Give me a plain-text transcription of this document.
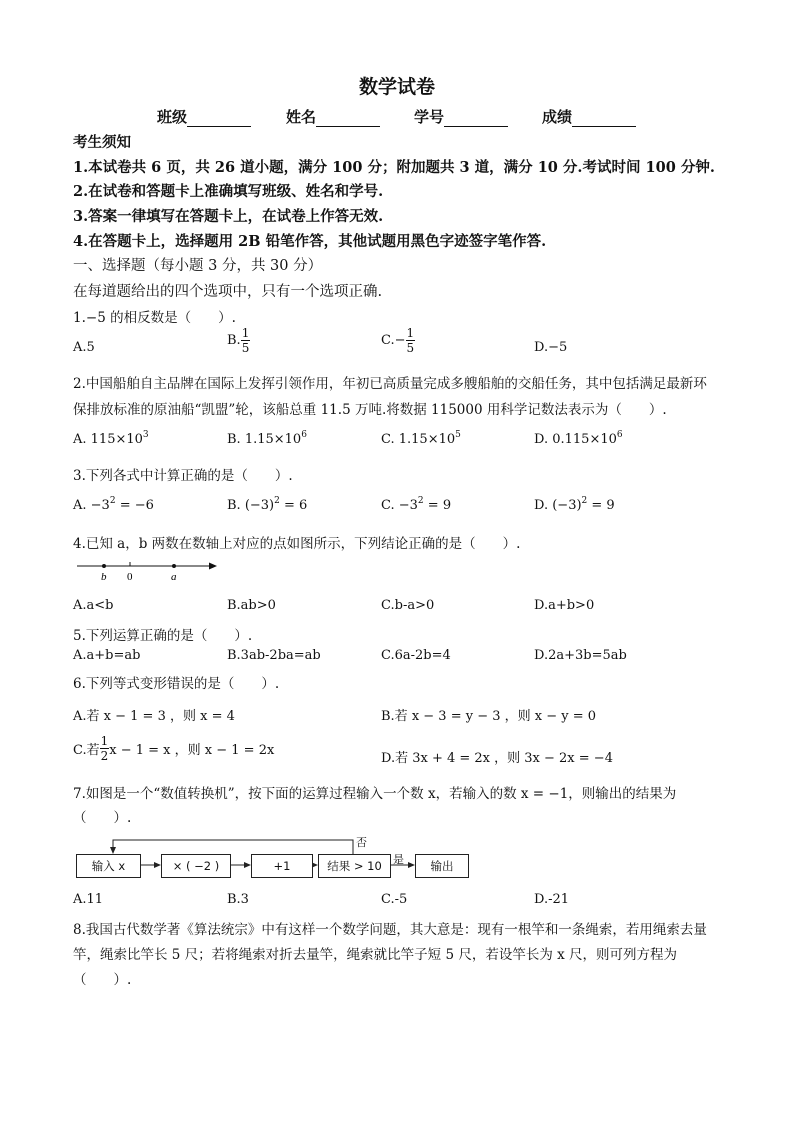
数学试卷
班级	姓名	学号	成绩
考生须知
1.本试卷共 6 页，共 26 道小题，满分 100 分；附加题共 3 道，满分 10 分.考试时间 100 分钟.
2.在试卷和答题卡上准确填写班级、姓名和学号.
3.答案一律填写在答题卡上，在试卷上作答无效.
4.在答题卡上，选择题用 2B 铅笔作答，其他试题用黑色字迹签字笔作答.
一、选择题（每小题 3 分，共 30 分）
在每道题给出的四个选项中，只有一个选项正确.
1.−5 的相反数是（　　）.
A.5	B. $\frac{1}{5}$	$C.- \frac{1}{5}$	D.−5
2.中国船舶自主品牌在国际上发挥引领作用，年初已高质量完成多艘船舶的交船任务，其中包括满足最新环
保排放标准的原油船“凯盟”轮，该船总重 11.5 万吨.将数据 115000 用科学记数法表示为（　　）.
A. $115\times 10^3$	B. $1.15\times 10^6$	C. $1.15\times 10^5$	D. $0.115\times 10^6$
3.下列各式中计算正确的是（　　）.
A. $-3^2 = -6$	B. $(-3)^2 = 6$	C. $-3^2 = 9$	D. $(-3)^2 = 9$
4.已知 a，b 两数在数轴上对应的点如图所示，下列结论正确的是（　　）.
b 0	a
A.a<b	B.ab>0	C.b-a>0	D.a+b>0
5.下列运算正确的是（　　）.
A.a+b=ab	B.3ab-2ba=ab	C.6a-2b=4	D.2a+3b=5ab
6.下列等式变形错误的是（　　）.
A.若 x − 1 = 3 ，则 x = 4	B.若 x − 3 = y − 3 ，则 x − y = 0
C.若 $\frac{1}{2}$ x − 1 = x ，则 x − 1 = 2x
D.若 3x + 4 = 2x ，则 3x − 2x = −4
7.如图是一个“数值转换机”，按下面的运算过程输入一个数 x，若输入的数 x = −1，则输出的结果为
（　　）.
否
是
输入 x	× ( −2 )	+1	结果 > 10	输出
A.11	B.3	C.-5	D.-21
8.我国古代数学著《算法统宗》中有这样一个数学问题，其大意是：现有一根竿和一条绳索，若用绳索去量
竿，绳索比竿长 5 尺；若将绳索对折去量竿，绳索就比竿子短 5 尺，若设竿长为 x 尺，则可列方程为
（　　）.
